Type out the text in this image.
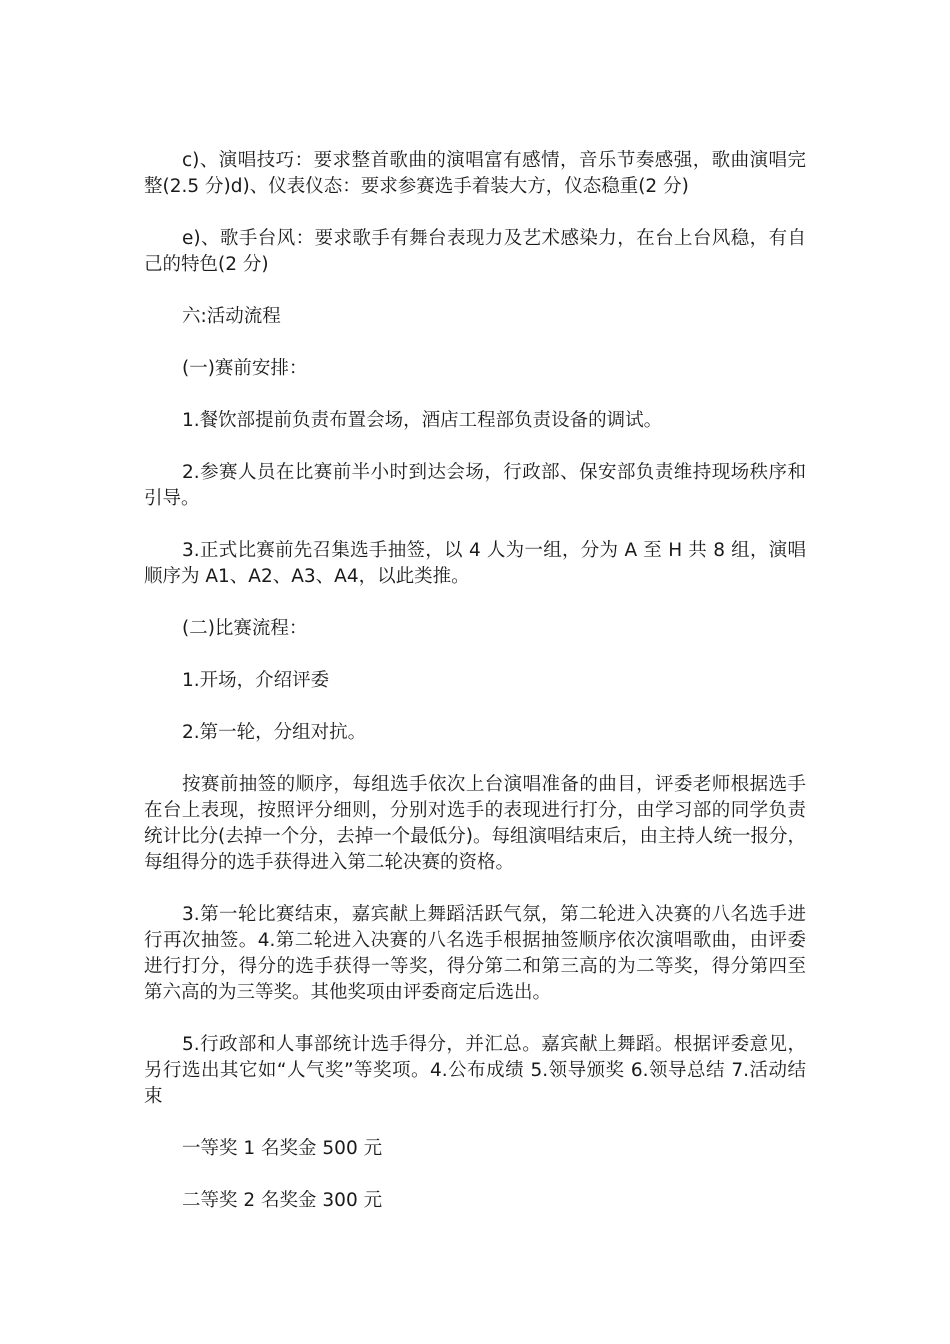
c)、演唱技巧：要求整首歌曲的演唱富有感情，音乐节奏感强，歌曲演唱完整(2.5 分)d)、仪表仪态：要求参赛选手着装大方，仪态稳重(2 分)

e)、歌手台风：要求歌手有舞台表现力及艺术感染力，在台上台风稳，有自己的特色(2 分)

六:活动流程

(一)赛前安排：

1.餐饮部提前负责布置会场，酒店工程部负责设备的调试。

2.参赛人员在比赛前半小时到达会场，行政部、保安部负责维持现场秩序和引导。

3.正式比赛前先召集选手抽签，以 4 人为一组，分为 A 至 H 共 8 组，演唱顺序为 A1、A2、A3、A4，以此类推。

(二)比赛流程：

1.开场，介绍评委

2.第一轮，分组对抗。

按赛前抽签的顺序，每组选手依次上台演唱准备的曲目，评委老师根据选手在台上表现，按照评分细则，分别对选手的表现进行打分，由学习部的同学负责统计比分(去掉一个分，去掉一个最低分)。每组演唱结束后，由主持人统一报分，每组得分的选手获得进入第二轮决赛的资格。

3.第一轮比赛结束，嘉宾献上舞蹈活跃气氛，第二轮进入决赛的八名选手进行再次抽签。4.第二轮进入决赛的八名选手根据抽签顺序依次演唱歌曲，由评委进行打分，得分的选手获得一等奖，得分第二和第三高的为二等奖，得分第四至第六高的为三等奖。其他奖项由评委商定后选出。

5.行政部和人事部统计选手得分，并汇总。嘉宾献上舞蹈。根据评委意见，另行选出其它如“人气奖”等奖项。4.公布成绩 5.领导颁奖 6.领导总结 7.活动结束

一等奖 1 名奖金 500 元

二等奖 2 名奖金 300 元
